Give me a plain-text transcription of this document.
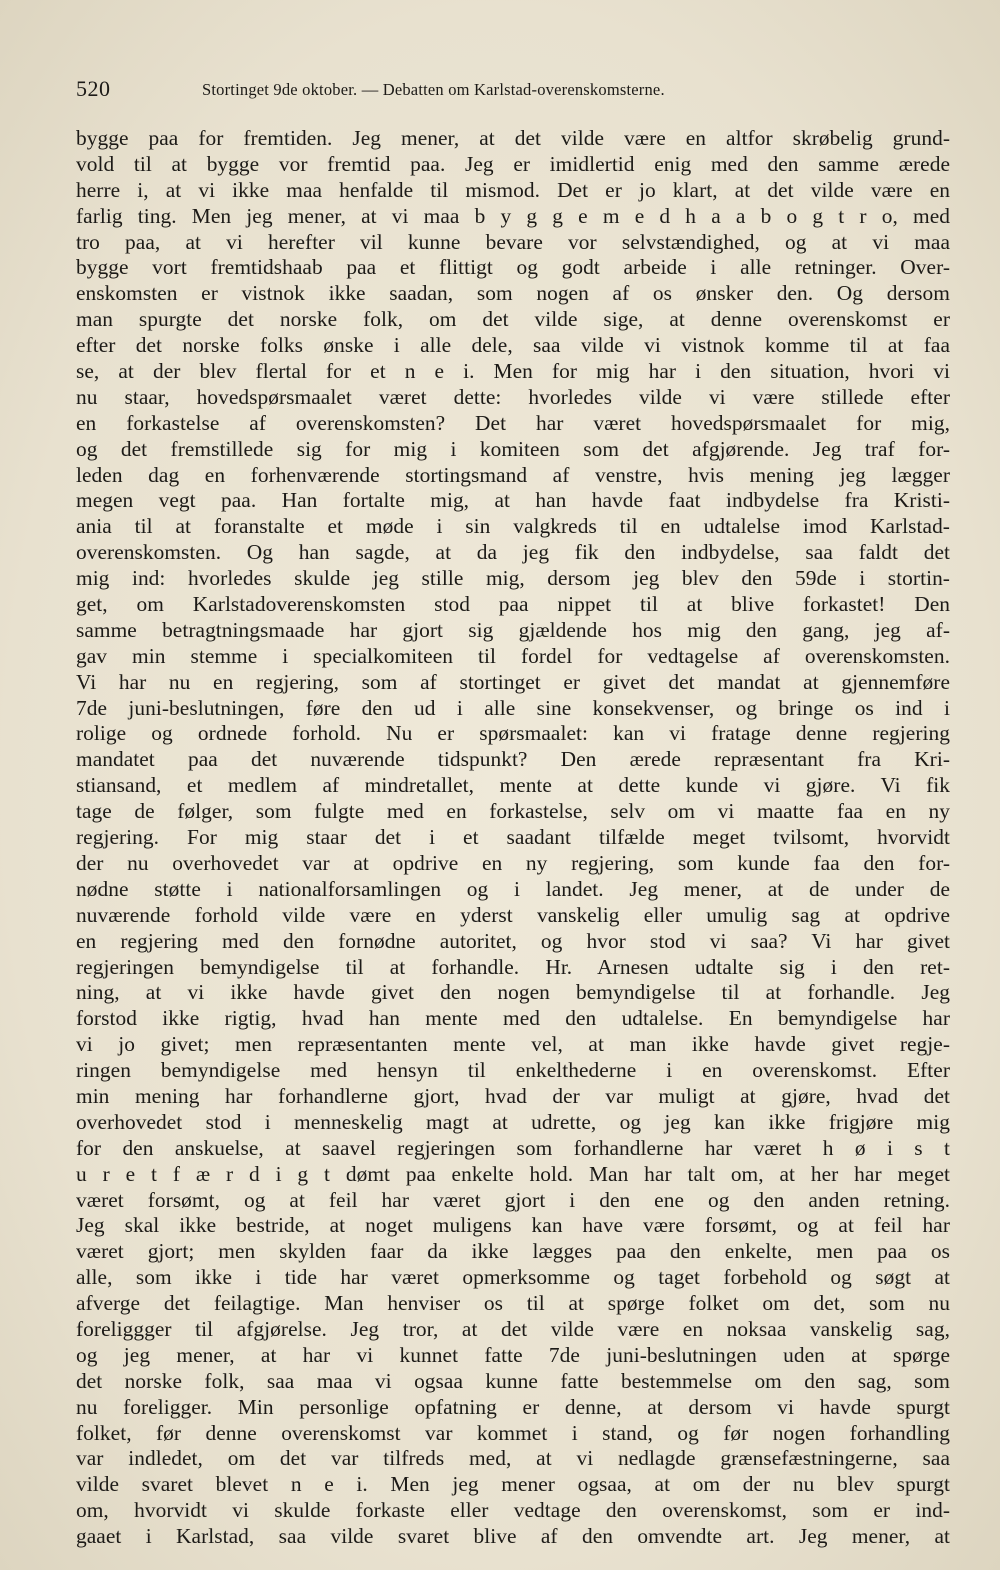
520	Stortinget 9de oktober. — Debatten om Karlstad-overenskomsterne.
bygge paa for fremtiden. Jeg mener, at det vilde være en altfor skrøbelig grund-
vold til at bygge vor fremtid paa. Jeg er imidlertid enig med den samme ærede
herre i, at vi ikke maa henfalde til mismod. Det er jo klart, at det vilde være en
farlig ting. Men jeg mener, at vi maa b y g g e m e d h a a b o g t r o, med
tro paa, at vi herefter vil kunne bevare vor selvstændighed, og at vi maa
bygge vort fremtidshaab paa et flittigt og godt arbeide i alle retninger. Over-
enskomsten er vistnok ikke saadan, som nogen af os ønsker den. Og dersom
man spurgte det norske folk, om det vilde sige, at denne overenskomst er
efter det norske folks ønske i alle dele, saa vilde vi vistnok komme til at faa
se, at der blev flertal for et n e i. Men for mig har i den situation, hvori vi
nu staar, hovedspørsmaalet været dette: hvorledes vilde vi være stillede efter
en forkastelse af overenskomsten? Det har været hovedspørsmaalet for mig,
og det fremstillede sig for mig i komiteen som det afgjørende. Jeg traf for-
leden dag en forhenværende stortingsmand af venstre, hvis mening jeg lægger
megen vegt paa. Han fortalte mig, at han havde faat indbydelse fra Kristi-
ania til at foranstalte et møde i sin valgkreds til en udtalelse imod Karlstad-
overenskomsten. Og han sagde, at da jeg fik den indbydelse, saa faldt det
mig ind: hvorledes skulde jeg stille mig, dersom jeg blev den 59de i stortin-
get, om Karlstadoverenskomsten stod paa nippet til at blive forkastet! Den
samme betragtningsmaade har gjort sig gjældende hos mig den gang, jeg af-
gav min stemme i specialkomiteen til fordel for vedtagelse af overenskomsten.
Vi har nu en regjering, som af stortinget er givet det mandat at gjennemføre
7de juni-beslutningen, føre den ud i alle sine konsekvenser, og bringe os ind i
rolige og ordnede forhold. Nu er spørsmaalet: kan vi fratage denne regjering
mandatet paa det nuværende tidspunkt? Den ærede repræsentant fra Kri-
stiansand, et medlem af mindretallet, mente at dette kunde vi gjøre. Vi fik
tage de følger, som fulgte med en forkastelse, selv om vi maatte faa en ny
regjering. For mig staar det i et saadant tilfælde meget tvilsomt, hvorvidt
der nu overhovedet var at opdrive en ny regjering, som kunde faa den for-
nødne støtte i nationalforsamlingen og i landet. Jeg mener, at de under de
nuværende forhold vilde være en yderst vanskelig eller umulig sag at opdrive
en regjering med den fornødne autoritet, og hvor stod vi saa? Vi har givet
regjeringen bemyndigelse til at forhandle. Hr. Arnesen udtalte sig i den ret-
ning, at vi ikke havde givet den nogen bemyndigelse til at forhandle. Jeg
forstod ikke rigtig, hvad han mente med den udtalelse. En bemyndigelse har
vi jo givet; men repræsentanten mente vel, at man ikke havde givet regje-
ringen bemyndigelse med hensyn til enkelthederne i en overenskomst. Efter
min mening har forhandlerne gjort, hvad der var muligt at gjøre, hvad det
overhovedet stod i menneskelig magt at udrette, og jeg kan ikke frigjøre mig
for den anskuelse, at saavel regjeringen som forhandlerne har været h ø i s t
u r e t f æ r d i g t dømt paa enkelte hold. Man har talt om, at her har meget
været forsømt, og at feil har været gjort i den ene og den anden retning.
Jeg skal ikke bestride, at noget muligens kan have være forsømt, og at feil har
været gjort; men skylden faar da ikke lægges paa den enkelte, men paa os
alle, som ikke i tide har været opmerksomme og taget forbehold og søgt at
afverge det feilagtige. Man henviser os til at spørge folket om det, som nu
foreliggger til afgjørelse. Jeg tror, at det vilde være en noksaa vanskelig sag,
og jeg mener, at har vi kunnet fatte 7de juni-beslutningen uden at spørge
det norske folk, saa maa vi ogsaa kunne fatte bestemmelse om den sag, som
nu foreligger. Min personlige opfatning er denne, at dersom vi havde spurgt
folket, før denne overenskomst var kommet i stand, og før nogen forhandling
var indledet, om det var tilfreds med, at vi nedlagde grænsefæstningerne, saa
vilde svaret blevet n e i. Men jeg mener ogsaa, at om der nu blev spurgt
om, hvorvidt vi skulde forkaste eller vedtage den overenskomst, som er ind-
gaaet i Karlstad, saa vilde svaret blive af den omvendte art. Jeg mener, at
